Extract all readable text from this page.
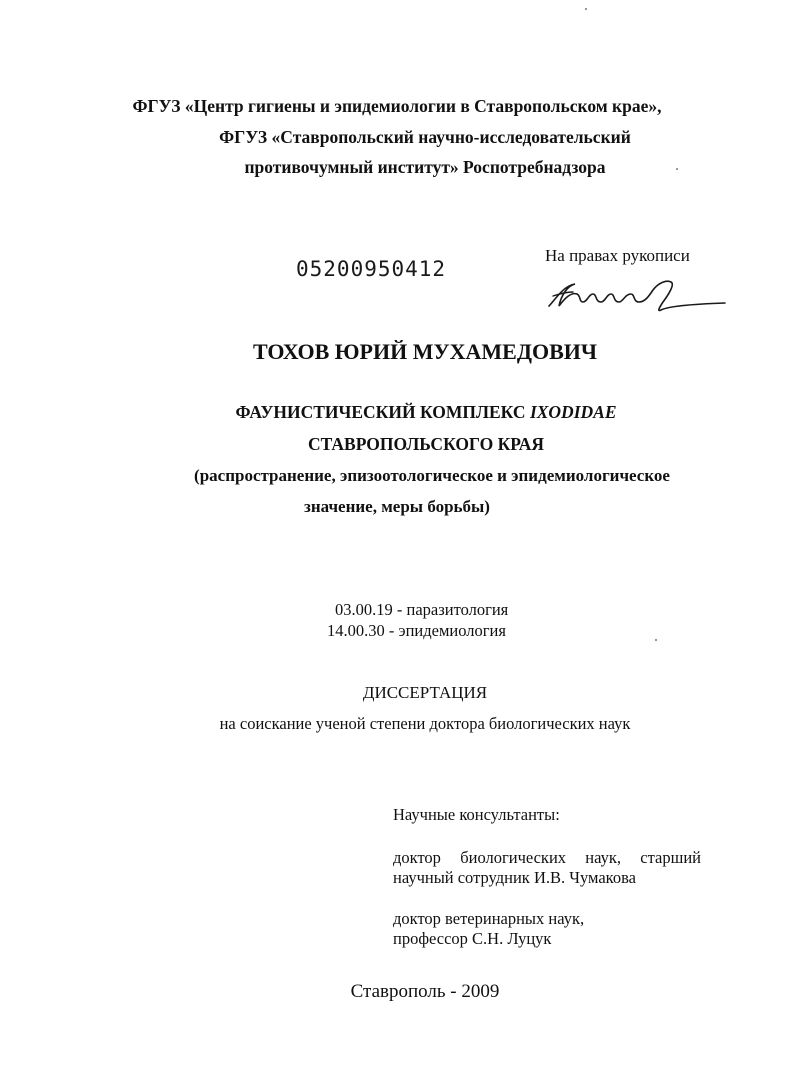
ФГУЗ «Центр гигиены и эпидемиологии в Ставропольском крае»,
ФГУЗ «Ставропольский научно-исследовательский
противочумный институт» Роспотребнадзора
05200950412
На правах рукописи
ТОХОВ ЮРИЙ МУХАМЕДОВИЧ
ФАУНИСТИЧЕСКИЙ КОМПЛЕКС IXODIDAE
СТАВРОПОЛЬСКОГО КРАЯ
(распространение, эпизоотологическое и эпидемиологическое
значение, меры борьбы)
03.00.19 - паразитология
14.00.30 - эпидемиология
ДИССЕРТАЦИЯ
на соискание ученой степени доктора биологических наук
Научные консультанты:
доктор биологических наук, старший
научный сотрудник И.В. Чумакова
доктор ветеринарных наук,
профессор С.Н. Луцук
Ставрополь - 2009
